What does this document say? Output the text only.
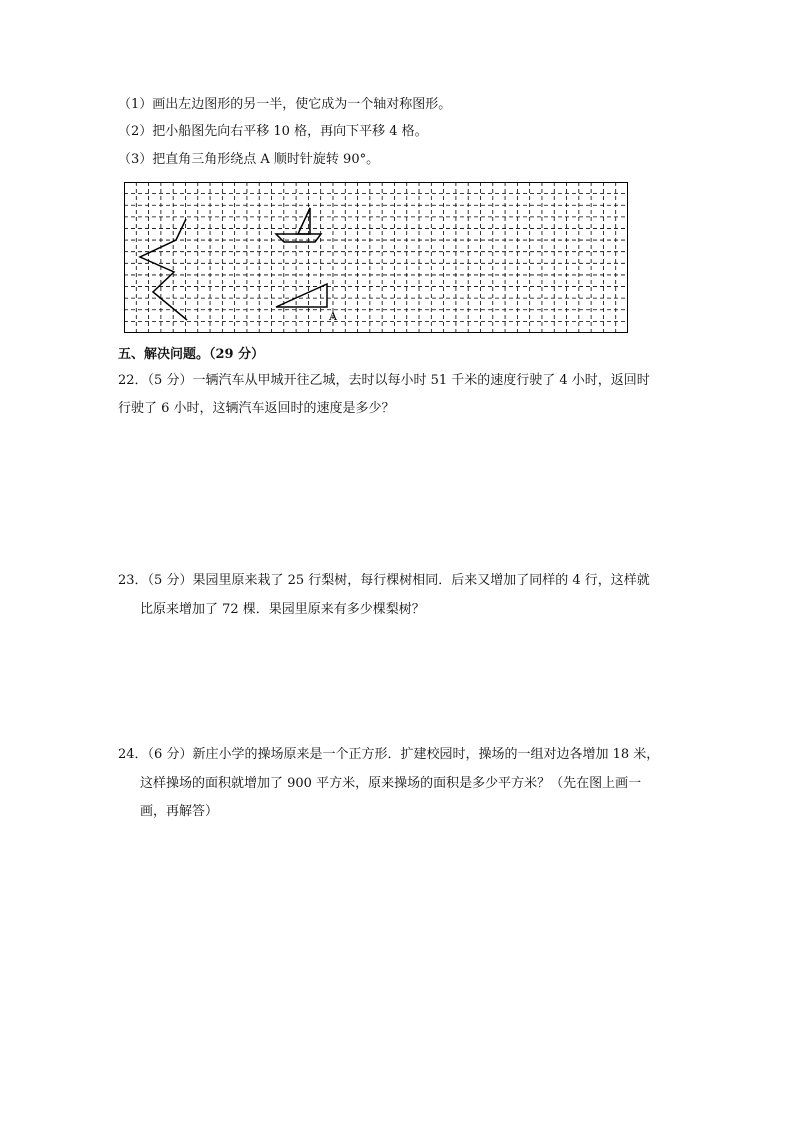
（1）画出左边图形的另一半，使它成为一个轴对称图形。
（2）把小船图先向右平移 10 格，再向下平移 4 格。
（3）把直角三角形绕点 A 顺时针旋转 90°。
A
五、解决问题。（29 分）
22．（5 分）一辆汽车从甲城开往乙城，去时以每小时 51 千米的速度行驶了 4 小时，返回时
行驶了 6 小时，这辆汽车返回时的速度是多少？
23．（5 分）果园里原来栽了 25 行梨树，每行棵树相同．后来又增加了同样的 4 行，这样就
比原来增加了 72 棵．果园里原来有多少棵梨树？
24．（6 分）新庄小学的操场原来是一个正方形．扩建校园时，操场的一组对边各增加 18 米，
这样操场的面积就增加了 900 平方米，原来操场的面积是多少平方米？（先在图上画一
画，再解答）
